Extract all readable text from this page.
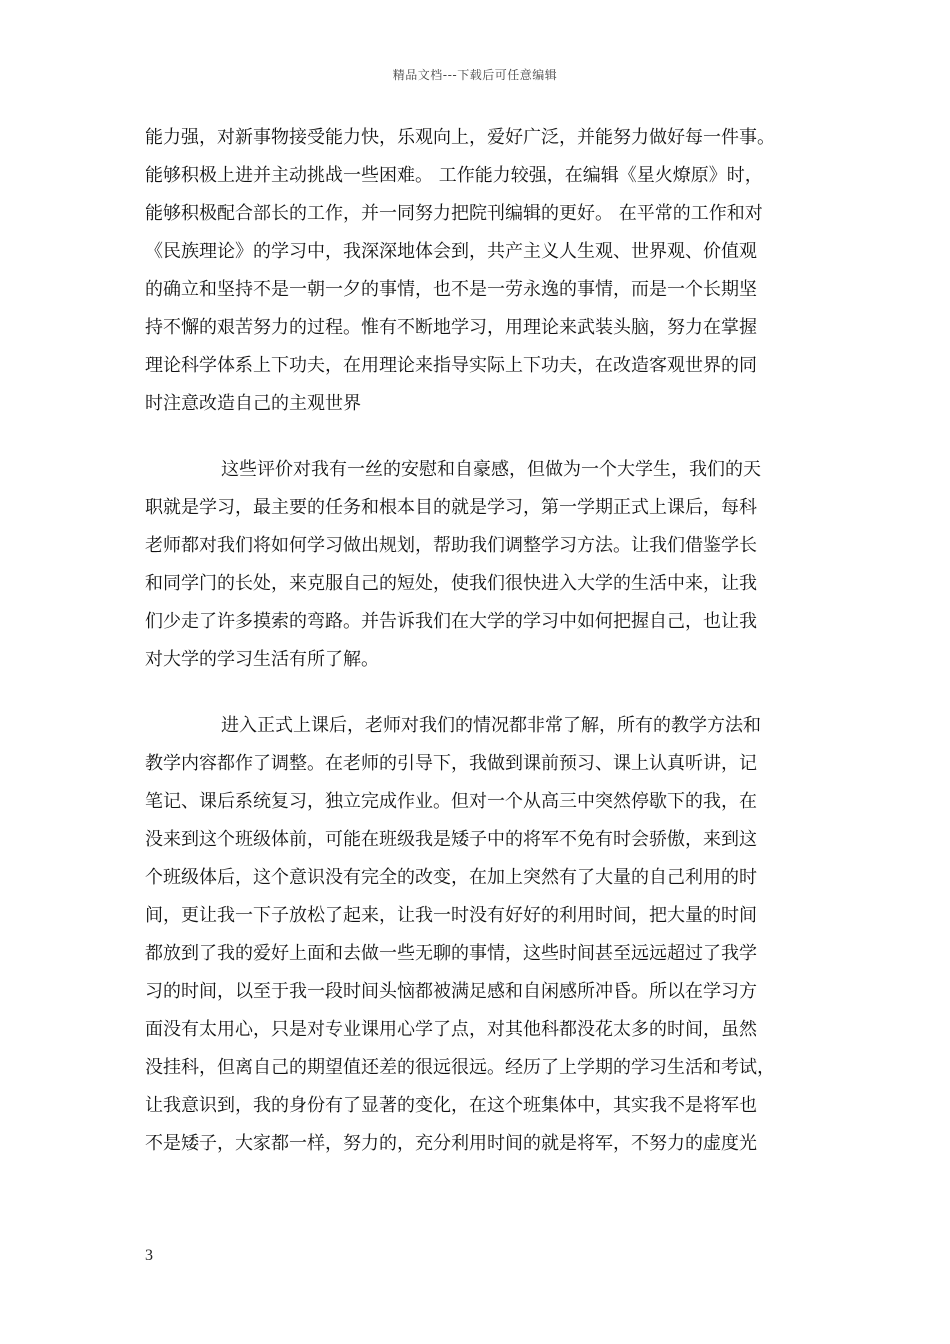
精品文档---下载后可任意编辑
能力强，对新事物接受能力快，乐观向上，爱好广泛，并能努力做好每一件事。
能够积极上进并主动挑战一些困难。 工作能力较强，在编辑《星火燎原》时，
能够积极配合部长的工作，并一同努力把院刊编辑的更好。 在平常的工作和对
《民族理论》的学习中，我深深地体会到，共产主义人生观、世界观、价值观
的确立和坚持不是一朝一夕的事情，也不是一劳永逸的事情，而是一个长期坚
持不懈的艰苦努力的过程。惟有不断地学习，用理论来武装头脑，努力在掌握
理论科学体系上下功夫，在用理论来指导实际上下功夫，在改造客观世界的同
时注意改造自己的主观世界
这些评价对我有一丝的安慰和自豪感，但做为一个大学生，我们的天
职就是学习，最主要的任务和根本目的就是学习，第一学期正式上课后，每科
老师都对我们将如何学习做出规划，帮助我们调整学习方法。让我们借鉴学长
和同学门的长处，来克服自己的短处，使我们很快进入大学的生活中来，让我
们少走了许多摸索的弯路。并告诉我们在大学的学习中如何把握自己，也让我
对大学的学习生活有所了解。
进入正式上课后，老师对我们的情况都非常了解，所有的教学方法和
教学内容都作了调整。在老师的引导下，我做到课前预习、课上认真听讲，记
笔记、课后系统复习，独立完成作业。但对一个从高三中突然停歇下的我，在
没来到这个班级体前，可能在班级我是矮子中的将军不免有时会骄傲，来到这
个班级体后，这个意识没有完全的改变，在加上突然有了大量的自己利用的时
间，更让我一下子放松了起来，让我一时没有好好的利用时间，把大量的时间
都放到了我的爱好上面和去做一些无聊的事情，这些时间甚至远远超过了我学
习的时间，以至于我一段时间头恼都被满足感和自闲感所冲昏。所以在学习方
面没有太用心，只是对专业课用心学了点，对其他科都没花太多的时间，虽然
没挂科，但离自己的期望值还差的很远很远。经历了上学期的学习生活和考试，
让我意识到，我的身份有了显著的变化，在这个班集体中，其实我不是将军也
不是矮子，大家都一样，努力的，充分利用时间的就是将军，不努力的虚度光
3
